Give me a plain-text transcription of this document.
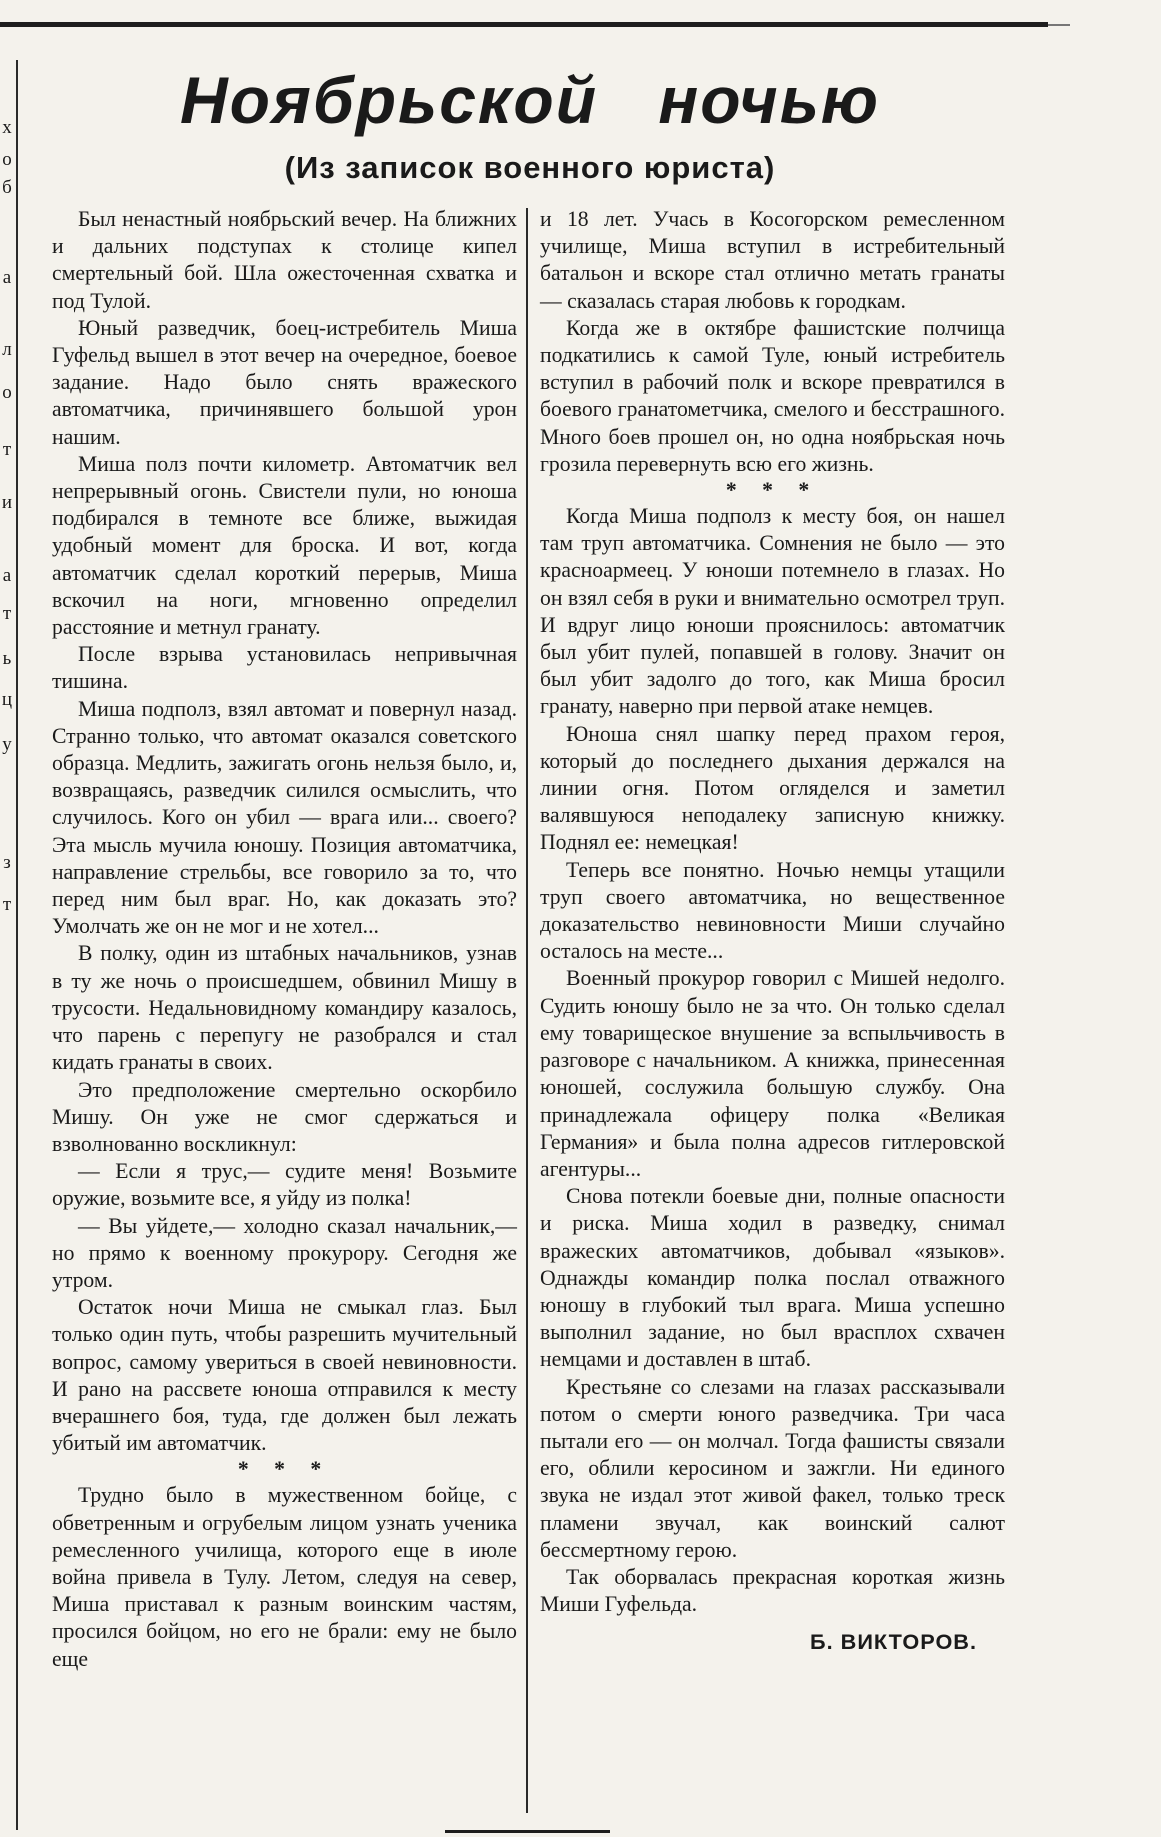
х
о
б
а
л
о
т
и
а
т
ь
ц
у
з
т
Ноябрьской ночью
(Из записок военного юриста)

Был ненастный ноябрьский вечер. На ближних и дальних подступах к столице кипел смертельный бой. Шла ожесточенная схватка и под Тулой.

Юный разведчик, боец-истребитель Миша Гуфельд вышел в этот вечер на очередное, боевое задание. Надо было снять вражеского автоматчика, причинявшего большой урон нашим.

Миша полз почти километр. Автоматчик вел непрерывный огонь. Свистели пули, но юноша подбирался в темноте все ближе, выжидая удобный момент для броска. И вот, когда автоматчик сделал короткий перерыв, Миша вскочил на ноги, мгновенно определил расстояние и метнул гранату.

После взрыва установилась непривычная тишина.

Миша подполз, взял автомат и повернул назад. Странно только, что автомат оказался советского образца. Медлить, зажигать огонь нельзя было, и, возвращаясь, разведчик силился осмыслить, что случилось. Кого он убил — врага или... своего? Эта мысль мучила юношу. Позиция автоматчика, направление стрельбы, все говорило за то, что перед ним был враг. Но, как доказать это? Умолчать же он не мог и не хотел...

В полку, один из штабных начальников, узнав в ту же ночь о происшедшем, обвинил Мишу в трусости. Недальновидному командиру казалось, что парень с перепугу не разобрался и стал кидать гранаты в своих.

Это предположение смертельно оскорбило Мишу. Он уже не смог сдержаться и взволнованно воскликнул:

— Если я трус,— судите меня! Возьмите оружие, возьмите все, я уйду из полка!

— Вы уйдете,— холодно сказал начальник,— но прямо к военному прокурору. Сегодня же утром.

Остаток ночи Миша не смыкал глаз. Был только один путь, чтобы разрешить мучительный вопрос, самому увериться в своей невиновности. И рано на рассвете юноша отправился к месту вчерашнего боя, туда, где должен был лежать убитый им автоматчик.

* * *

Трудно было в мужественном бойце, с обветренным и огрубелым лицом узнать ученика ремесленного училища, которого еще в июле война привела в Тулу. Летом, следуя на север, Миша приставал к разным воинским частям, просился бойцом, но его не брали: ему не было еще

и 18 лет. Учась в Косогорском ремесленном училище, Миша вступил в истребительный батальон и вскоре стал отлично метать гранаты — сказалась старая любовь к городкам.

Когда же в октябре фашистские полчища подкатились к самой Туле, юный истребитель вступил в рабочий полк и вскоре превратился в боевого гранатометчика, смелого и бесстрашного. Много боев прошел он, но одна ноябрьская ночь грозила перевернуть всю его жизнь.

* * *

Когда Миша подполз к месту боя, он нашел там труп автоматчика. Сомнения не было — это красноармеец. У юноши потемнело в глазах. Но он взял себя в руки и внимательно осмотрел труп. И вдруг лицо юноши прояснилось: автоматчик был убит пулей, попавшей в голову. Значит он был убит задолго до того, как Миша бросил гранату, наверно при первой атаке немцев.

Юноша снял шапку перед прахом героя, который до последнего дыхания держался на линии огня. Потом огляделся и заметил валявшуюся неподалеку записную книжку. Поднял ее: немецкая!

Теперь все понятно. Ночью немцы утащили труп своего автоматчика, но вещественное доказательство невиновности Миши случайно осталось на месте...

Военный прокурор говорил с Мишей недолго. Судить юношу было не за что. Он только сделал ему товарищеское внушение за вспыльчивость в разговоре с начальником. А книжка, принесенная юношей, сослужила большую службу. Она принадлежала офицеру полка «Великая Германия» и была полна адресов гитлеровской агентуры...

Снова потекли боевые дни, полные опасности и риска. Миша ходил в разведку, снимал вражеских автоматчиков, добывал «языков». Однажды командир полка послал отважного юношу в глубокий тыл врага. Миша успешно выполнил задание, но был врасплох схвачен немцами и доставлен в штаб.

Крестьяне со слезами на глазах рассказывали потом о смерти юного разведчика. Три часа пытали его — он молчал. Тогда фашисты связали его, облили керосином и зажгли. Ни единого звука не издал этот живой факел, только треск пламени звучал, как воинский салют бессмертному герою.

Так оборвалась прекрасная короткая жизнь Миши Гуфельда.

Б. ВИКТОРОВ.
